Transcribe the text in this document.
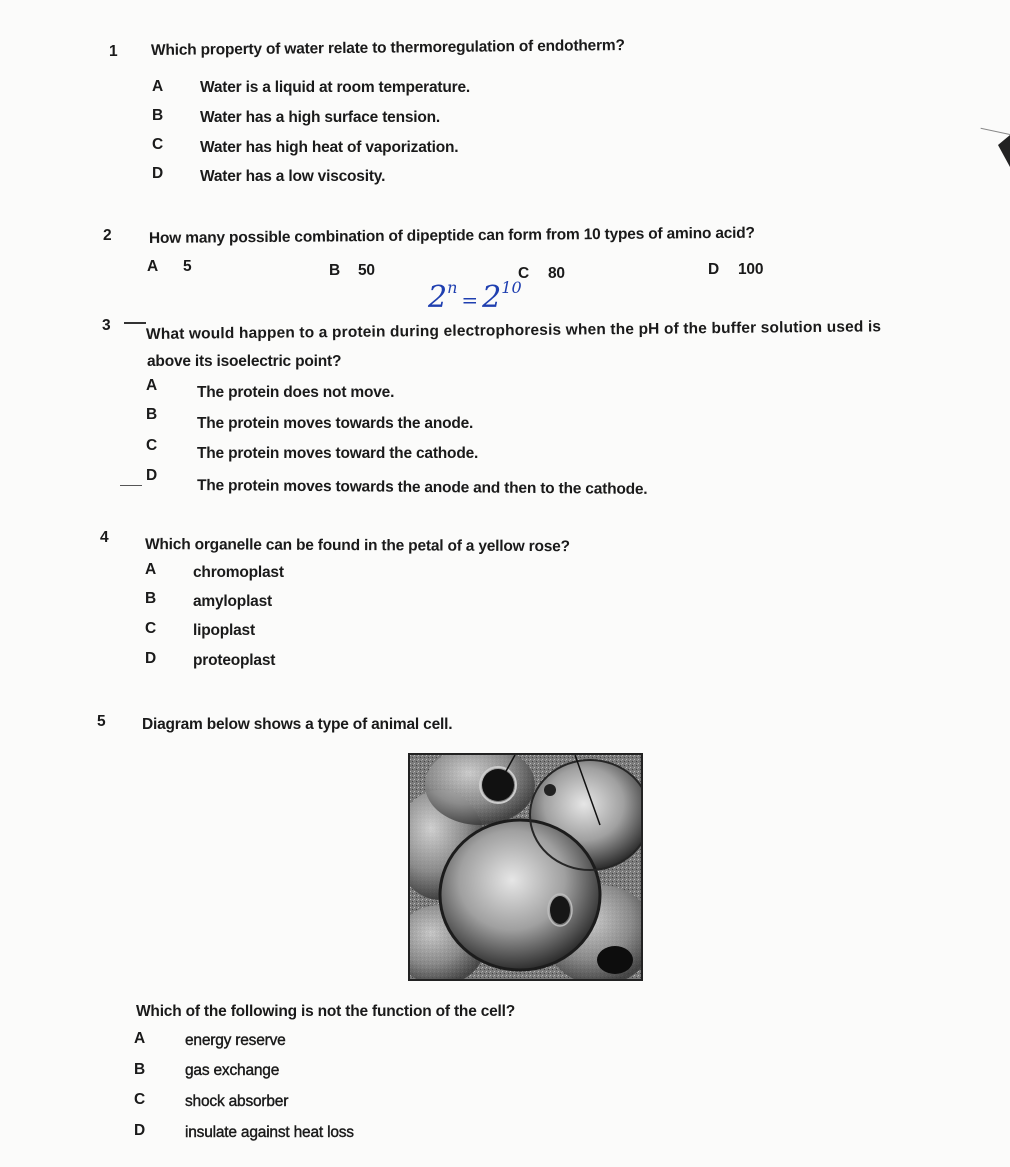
1 Which property of water relate to thermoregulation of endotherm?
A Water is a liquid at room temperature.
B Water has a high surface tension.
C Water has high heat of vaporization.
D Water has a low viscosity.
2 How many possible combination of dipeptide can form from 10 types of amino acid?
A 5	B 50	C 80	D 100
$2^n= 2^{10}$
3 What would happen to a protein during electrophoresis when the pH of the buffer solution used is
above its isoelectric point?
A	The protein does not move.
B
The protein moves towards the anode.
C	The protein moves toward the cathode.
D
The protein moves towards the anode and then to the cathode.
4 Which organelle can be found in the petal of a yellow rose?
A chromoplast
B amyloplast
C lipoplast
D proteoplast
5 Diagram below shows a type of animal cell.
Which of the following is not the function of the cell?
A	energy reserve
B	gas exchange
C	shock absorber
D	insulate against heat loss
